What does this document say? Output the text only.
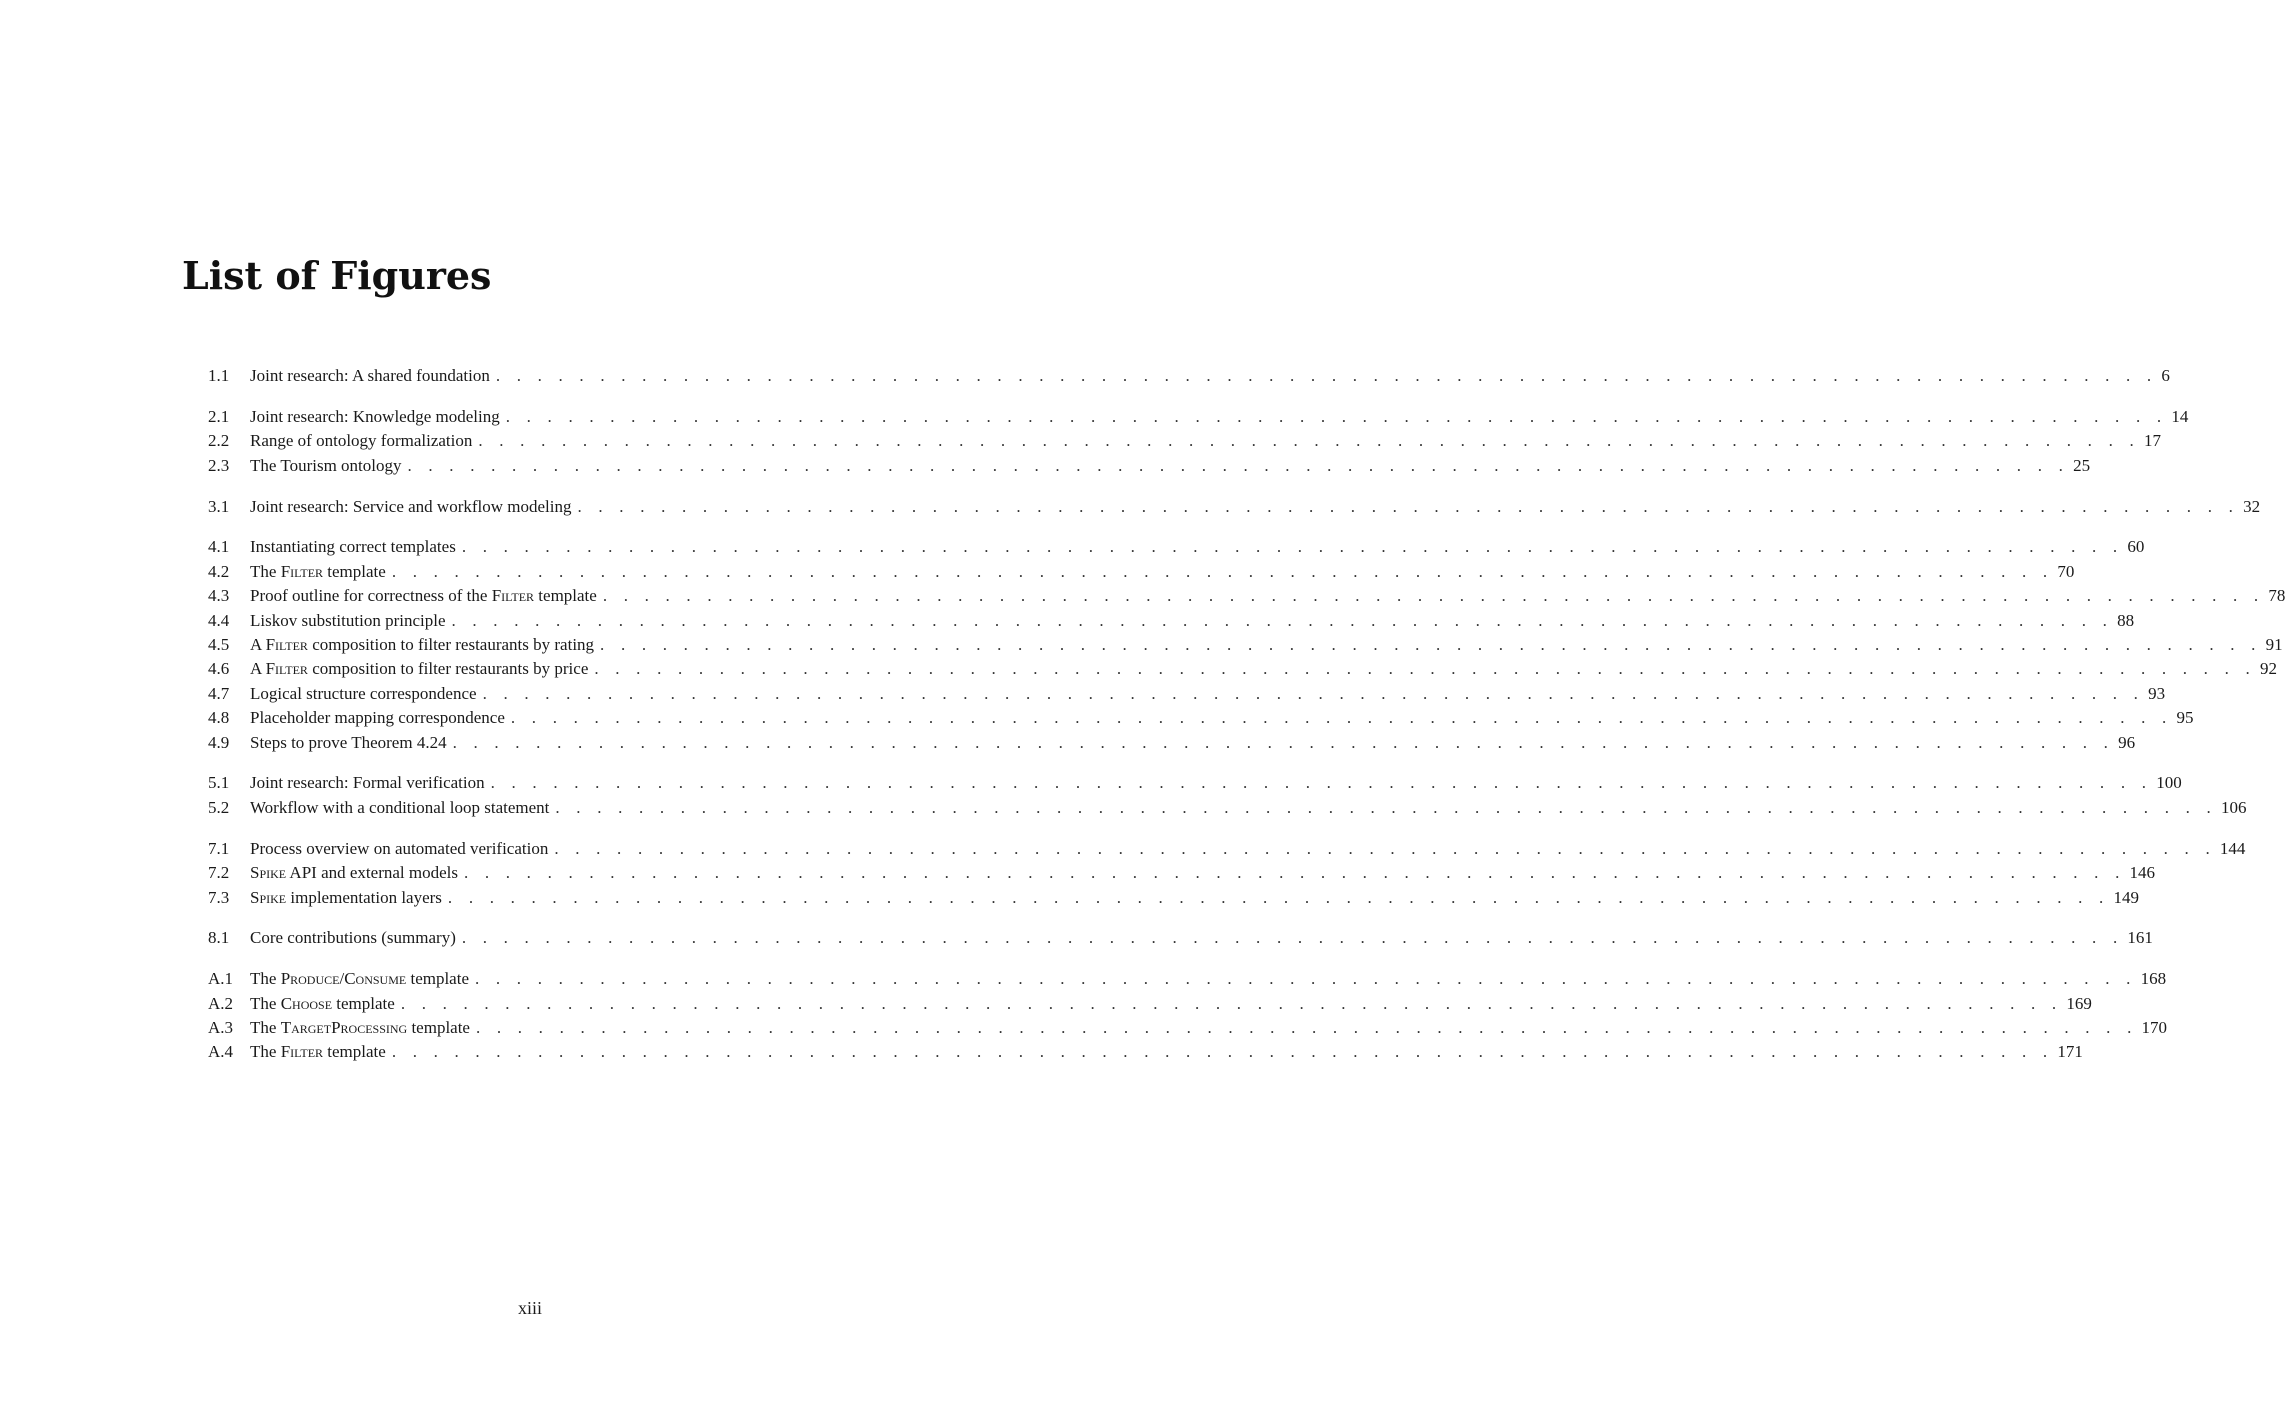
List of Figures
1.1	Joint research: A shared foundation . . . . . . . . . . . . . . . . . . . . . . . . . . . . . . . . . . . . . . . . . . . . . . . . . . . . . . . . . . . . . . . . . . . . . . . . . . . . . . . . 6
2.1	Joint research: Knowledge modeling . . . . . . . . . . . . . . . . . . . . . . . . . . . . . . . . . . . . . . . . . . . . . . . . . . . . . . . . . . . . . . . . . . . . . . . . . . . . . . . . 14
2.2	Range of ontology formalization . . . . . . . . . . . . . . . . . . . . . . . . . . . . . . . . . . . . . . . . . . . . . . . . . . . . . . . . . . . . . . . . . . . . . . . . . . . . . . . . 17
2.3	The Tourism ontology . . . . . . . . . . . . . . . . . . . . . . . . . . . . . . . . . . . . . . . . . . . . . . . . . . . . . . . . . . . . . . . . . . . . . . . . . . . . . . . . 25
3.1	Joint research: Service and workflow modeling . . . . . . . . . . . . . . . . . . . . . . . . . . . . . . . . . . . . . . . . . . . . . . . . . . . . . . . . . . . . . . . . . . . . . . . . . . . . . . . . 32
4.1	Instantiating correct templates . . . . . . . . . . . . . . . . . . . . . . . . . . . . . . . . . . . . . . . . . . . . . . . . . . . . . . . . . . . . . . . . . . . . . . . . . . . . . . . . 60
4.2	The Filter template . . . . . . . . . . . . . . . . . . . . . . . . . . . . . . . . . . . . . . . . . . . . . . . . . . . . . . . . . . . . . . . . . . . . . . . . . . . . . . . . 70
4.3	Proof outline for correctness of the Filter template . . . . . . . . . . . . . . . . . . . . . . . . . . . . . . . . . . . . . . . . . . . . . . . . . . . . . . . . . . . . . . . . . . . . . . . . . . . . . . . . 78
4.4	Liskov substitution principle . . . . . . . . . . . . . . . . . . . . . . . . . . . . . . . . . . . . . . . . . . . . . . . . . . . . . . . . . . . . . . . . . . . . . . . . . . . . . . . . 88
4.5	A Filter composition to filter restaurants by rating . . . . . . . . . . . . . . . . . . . . . . . . . . . . . . . . . . . . . . . . . . . . . . . . . . . . . . . . . . . . . . . . . . . . . . . . . . . . . . . . 91
4.6	A Filter composition to filter restaurants by price . . . . . . . . . . . . . . . . . . . . . . . . . . . . . . . . . . . . . . . . . . . . . . . . . . . . . . . . . . . . . . . . . . . . . . . . . . . . . . . . 92
4.7	Logical structure correspondence . . . . . . . . . . . . . . . . . . . . . . . . . . . . . . . . . . . . . . . . . . . . . . . . . . . . . . . . . . . . . . . . . . . . . . . . . . . . . . . . 93
4.8	Placeholder mapping correspondence . . . . . . . . . . . . . . . . . . . . . . . . . . . . . . . . . . . . . . . . . . . . . . . . . . . . . . . . . . . . . . . . . . . . . . . . . . . . . . . . 95
4.9	Steps to prove Theorem 4.24 . . . . . . . . . . . . . . . . . . . . . . . . . . . . . . . . . . . . . . . . . . . . . . . . . . . . . . . . . . . . . . . . . . . . . . . . . . . . . . . . 96
5.1	Joint research: Formal verification . . . . . . . . . . . . . . . . . . . . . . . . . . . . . . . . . . . . . . . . . . . . . . . . . . . . . . . . . . . . . . . . . . . . . . . . . . . . . . . . 100
5.2	Workflow with a conditional loop statement . . . . . . . . . . . . . . . . . . . . . . . . . . . . . . . . . . . . . . . . . . . . . . . . . . . . . . . . . . . . . . . . . . . . . . . . . . . . . . . . 106
7.1	Process overview on automated verification . . . . . . . . . . . . . . . . . . . . . . . . . . . . . . . . . . . . . . . . . . . . . . . . . . . . . . . . . . . . . . . . . . . . . . . . . . . . . . . . 144
7.2	Spike API and external models . . . . . . . . . . . . . . . . . . . . . . . . . . . . . . . . . . . . . . . . . . . . . . . . . . . . . . . . . . . . . . . . . . . . . . . . . . . . . . . . 146
7.3	Spike implementation layers . . . . . . . . . . . . . . . . . . . . . . . . . . . . . . . . . . . . . . . . . . . . . . . . . . . . . . . . . . . . . . . . . . . . . . . . . . . . . . . . 149
8.1	Core contributions (summary) . . . . . . . . . . . . . . . . . . . . . . . . . . . . . . . . . . . . . . . . . . . . . . . . . . . . . . . . . . . . . . . . . . . . . . . . . . . . . . . . 161
A.1 The Produce/Consume template . . . . . . . . . . . . . . . . . . . . . . . . . . . . . . . . . . . . . . . . . . . . . . . . . . . . . . . . . . . . . . . . . . . . . . . . . . . . . . . . 168
A.2 The Choose template . . . . . . . . . . . . . . . . . . . . . . . . . . . . . . . . . . . . . . . . . . . . . . . . . . . . . . . . . . . . . . . . . . . . . . . . . . . . . . . . 169
A.3 The TargetProcessing template . . . . . . . . . . . . . . . . . . . . . . . . . . . . . . . . . . . . . . . . . . . . . . . . . . . . . . . . . . . . . . . . . . . . . . . . . . . . . . . . 170
A.4 The Filter template . . . . . . . . . . . . . . . . . . . . . . . . . . . . . . . . . . . . . . . . . . . . . . . . . . . . . . . . . . . . . . . . . . . . . . . . . . . . . . . . 171
xiii
